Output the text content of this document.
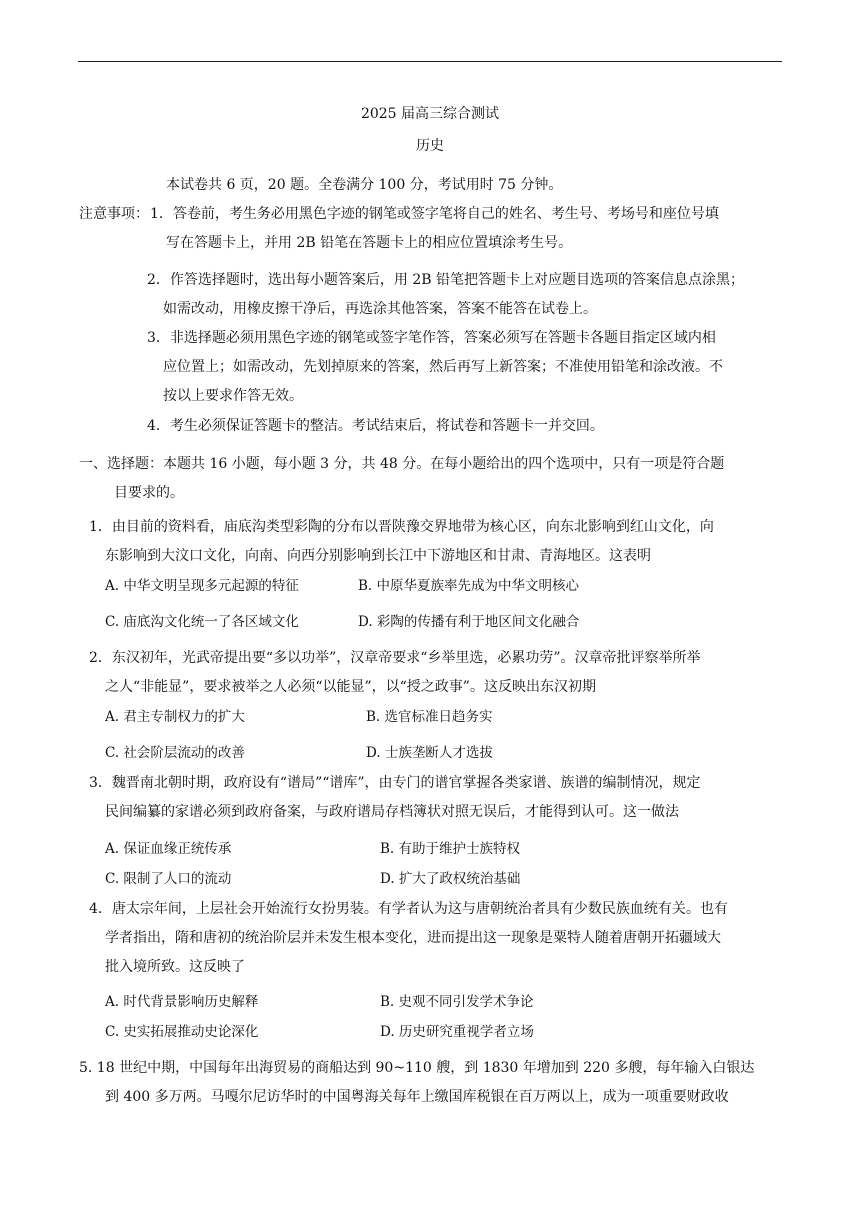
2025 届高三综合测试
历史
本试卷共 6 页，20 题。全卷满分 100 分，考试用时 75 分钟。
注意事项： 1．答卷前，考生务必用黑色字迹的钢笔或签字笔将自己的姓名、考生号、考场号和座位号填
写在答题卡上，并用 2B 铅笔在答题卡上的相应位置填涂考生号。
2．作答选择题时，选出每小题答案后，用 2B 铅笔把答题卡上对应题目选项的答案信息点涂黑；
如需改动，用橡皮擦干净后，再选涂其他答案，答案不能答在试卷上。
3．非选择题必须用黑色字迹的钢笔或签字笔作答，答案必须写在答题卡各题目指定区域内相
应位置上；如需改动，先划掉原来的答案，然后再写上新答案；不准使用铅笔和涂改液。不
按以上要求作答无效。
4．考生必须保证答题卡的整洁。考试结束后，将试卷和答题卡一并交回。
一、选择题：本题共 16 小题，每小题 3 分，共 48 分。在每小题给出的四个选项中，只有一项是符合题
目要求的。
1．由目前的资料看，庙底沟类型彩陶的分布以晋陕豫交界地带为核心区，向东北影响到红山文化，向
东影响到大汶口文化，向南、向西分别影响到长江中下游地区和甘肃、青海地区。这表明
A. 中华文明呈现多元起源的特征	B. 中原华夏族率先成为中华文明核心
C. 庙底沟文化统一了各区域文化	D. 彩陶的传播有利于地区间文化融合
2．东汉初年，光武帝提出要“多以功举”，汉章帝要求“乡举里选，必累功劳”。汉章帝批评察举所举
之人“非能显”，要求被举之人必须“以能显”，以“授之政事”。这反映出东汉初期
A. 君主专制权力的扩大	B. 选官标准日趋务实
C. 社会阶层流动的改善	D. 士族垄断人才选拔
3．魏晋南北朝时期，政府设有“谱局”“谱库”，由专门的谱官掌握各类家谱、族谱的编制情况，规定
民间编纂的家谱必须到政府备案，与政府谱局存档簿状对照无误后，才能得到认可。这一做法
A. 保证血缘正统传承	B. 有助于维护士族特权
C. 限制了人口的流动	D. 扩大了政权统治基础
4．唐太宗年间，上层社会开始流行女扮男装。有学者认为这与唐朝统治者具有少数民族血统有关。也有
学者指出，隋和唐初的统治阶层并未发生根本变化，进而提出这一现象是粟特人随着唐朝开拓疆域大
批入境所致。这反映了
A. 时代背景影响历史解释	B. 史观不同引发学术争论
C. 史实拓展推动史论深化	D. 历史研究重视学者立场
5. 18 世纪中期，中国每年出海贸易的商船达到 90~110 艘，到 1830 年增加到 220 多艘，每年输入白银达
到 400 多万两。马嘎尔尼访华时的中国粤海关每年上缴国库税银在百万两以上，成为一项重要财政收
